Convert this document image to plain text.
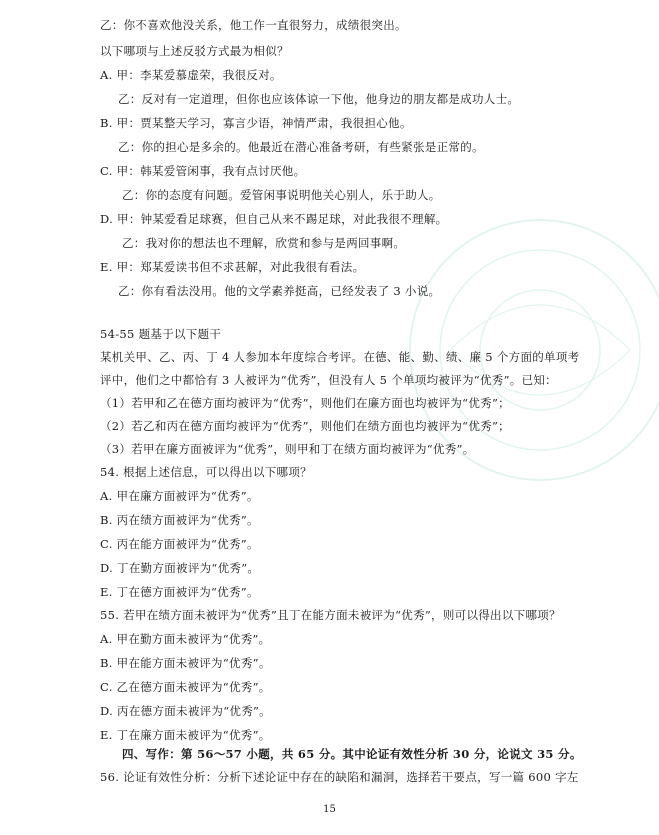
乙：你不喜欢他没关系，他工作一直很努力，成绩很突出。
以下哪项与上述反驳方式最为相似？
A. 甲：李某爱慕虚荣，我很反对。
乙：反对有一定道理，但你也应该体谅一下他，他身边的朋友都是成功人士。
B. 甲：贾某整天学习，寡言少语，神情严肃，我很担心他。
乙：你的担心是多余的。他最近在潜心准备考研，有些紧张是正常的。
C. 甲：韩某爱管闲事，我有点讨厌他。
乙：你的态度有问题。爱管闲事说明他关心别人，乐于助人。
D. 甲：钟某爱看足球赛，但自己从来不踢足球，对此我很不理解。
乙：我对你的想法也不理解，欣赏和参与是两回事啊。
E. 甲：郑某爱读书但不求甚解，对此我很有看法。
乙：你有看法没用。他的文学素养挺高，已经发表了 3 小说。
54-55 题基于以下题干
某机关甲、乙、丙、丁 4 人参加本年度综合考评。在德、能、勤、绩、廉 5 个方面的单项考
评中，他们之中都恰有 3 人被评为“优秀”，但没有人 5 个单项均被评为“优秀”。已知：
（1）若甲和乙在德方面均被评为“优秀”，则他们在廉方面也均被评为“优秀”；
（2）若乙和丙在德方面均被评为“优秀”，则他们在绩方面也均被评为“优秀”；
（3）若甲在廉方面被评为“优秀”，则甲和丁在绩方面均被评为“优秀”。
54. 根据上述信息，可以得出以下哪项？
A. 甲在廉方面被评为“优秀”。
B. 丙在绩方面被评为“优秀”。
C. 丙在能方面被评为“优秀”。
D. 丁在勤方面被评为“优秀”。
E. 丁在德方面被评为“优秀”。
55. 若甲在绩方面未被评为“优秀”且丁在能方面未被评为“优秀”，则可以得出以下哪项？
A. 甲在勤方面未被评为“优秀”。
B. 甲在能方面未被评为“优秀”。
C. 乙在德方面未被评为“优秀”。
D. 丙在德方面未被评为“优秀”。
E. 丁在廉方面未被评为“优秀”。
四、写作：第 56～57 小题，共 65 分。其中论证有效性分析 30 分，论说文 35 分。
56. 论证有效性分析：分析下述论证中存在的缺陷和漏洞，选择若干要点，写一篇 600 字左
15
